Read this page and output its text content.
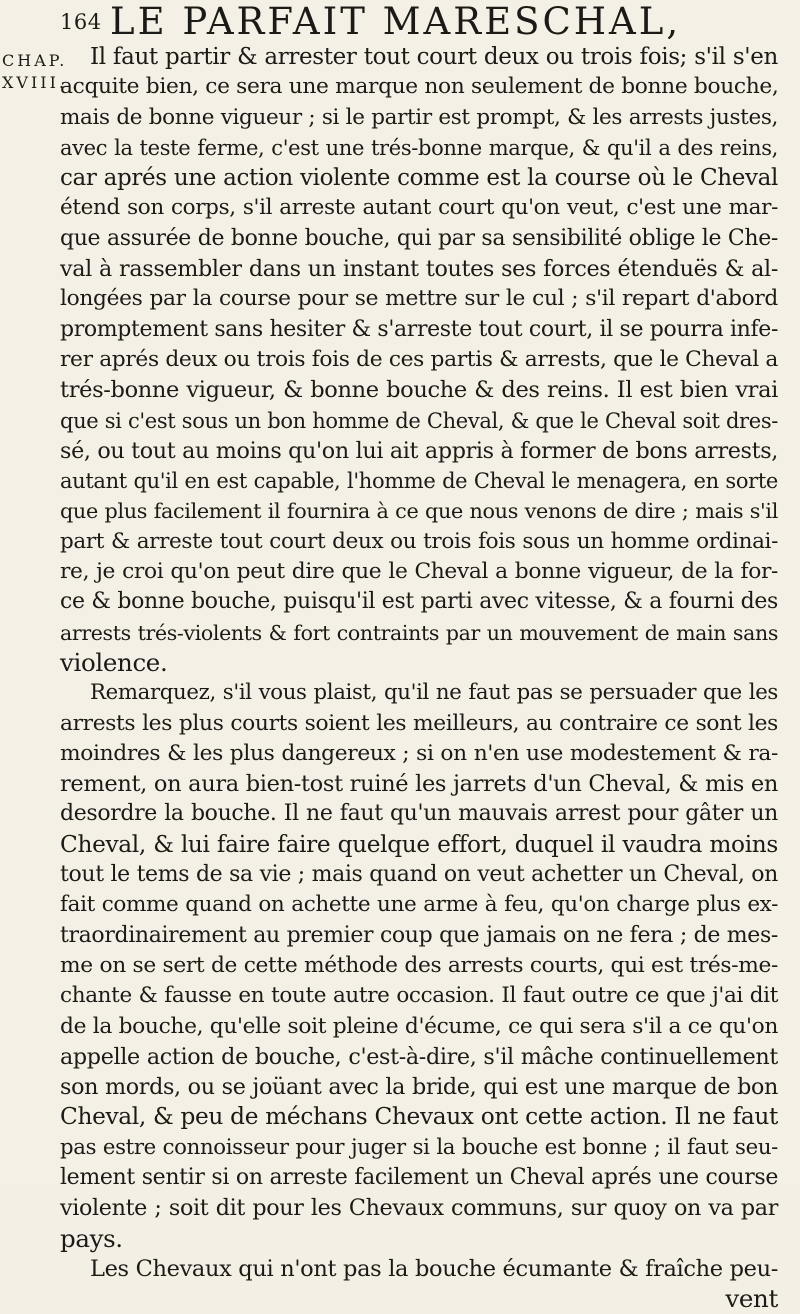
164 LE PARFAIT MARESCHAL,
CHAP.
XVIII.
Il faut partir & arrester tout court deux ou trois fois; s'il s'en
acquite bien, ce sera une marque non seulement de bonne bouche,
mais de bonne vigueur ; si le partir est prompt, & les arrests justes,
avec la teste ferme, c'est une trés-bonne marque, & qu'il a des reins,
car aprés une action violente comme est la course où le Cheval
étend son corps, s'il arreste autant court qu'on veut, c'est une mar-
que assurée de bonne bouche, qui par sa sensibilité oblige le Che-
val à rassembler dans un instant toutes ses forces étenduës & al-
longées par la course pour se mettre sur le cul ; s'il repart d'abord
promptement sans hesiter & s'arreste tout court, il se pourra infe-
rer aprés deux ou trois fois de ces partis & arrests, que le Cheval a
trés-bonne vigueur, & bonne bouche & des reins. Il est bien vrai
que si c'est sous un bon homme de Cheval, & que le Cheval soit dres-
sé, ou tout au moins qu'on lui ait appris à former de bons arrests,
autant qu'il en est capable, l'homme de Cheval le menagera, en sorte
que plus facilement il fournira à ce que nous venons de dire ; mais s'il
part & arreste tout court deux ou trois fois sous un homme ordinai-
re, je croi qu'on peut dire que le Cheval a bonne vigueur, de la for-
ce & bonne bouche, puisqu'il est parti avec vitesse, & a fourni des
arrests trés-violents & fort contraints par un mouvement de main sans
violence.
Remarquez, s'il vous plaist, qu'il ne faut pas se persuader que les
arrests les plus courts soient les meilleurs, au contraire ce sont les
moindres & les plus dangereux ; si on n'en use modestement & ra-
rement, on aura bien-tost ruiné les jarrets d'un Cheval, & mis en
desordre la bouche. Il ne faut qu'un mauvais arrest pour gâter un
Cheval, & lui faire faire quelque effort, duquel il vaudra moins
tout le tems de sa vie ; mais quand on veut achetter un Cheval, on
fait comme quand on achette une arme à feu, qu'on charge plus ex-
traordinairement au premier coup que jamais on ne fera ; de mes-
me on se sert de cette méthode des arrests courts, qui est trés-me-
chante & fausse en toute autre occasion. Il faut outre ce que j'ai dit
de la bouche, qu'elle soit pleine d'écume, ce qui sera s'il a ce qu'on
appelle action de bouche, c'est-à-dire, s'il mâche continuellement
son mords, ou se joüant avec la bride, qui est une marque de bon
Cheval, & peu de méchans Chevaux ont cette action. Il ne faut
pas estre connoisseur pour juger si la bouche est bonne ; il faut seu-
lement sentir si on arreste facilement un Cheval aprés une course
violente ; soit dit pour les Chevaux communs, sur quoy on va par
pays.
Les Chevaux qui n'ont pas la bouche écumante & fraîche peu-
vent
